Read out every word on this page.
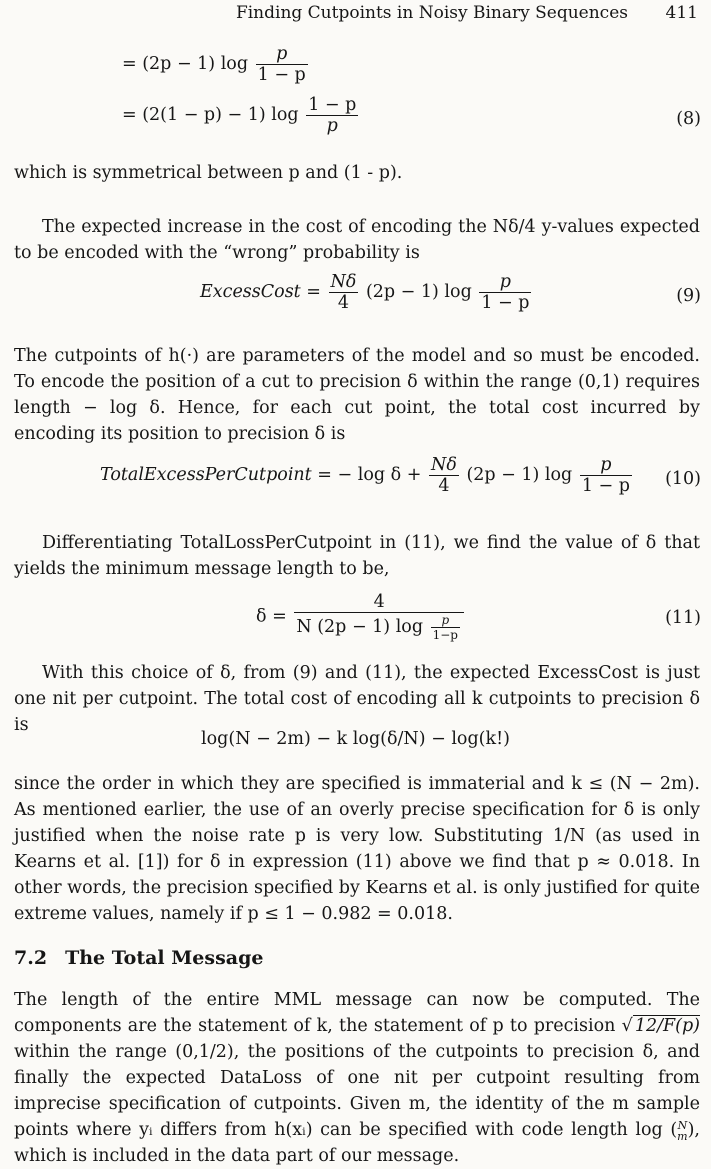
Finding Cutpoints in Noisy Binary Sequences 411
= (2p − 1) $\log \frac{p}{1 - p}$
= (2(1 − p) − 1) $\log \frac{1 - p}{p}$	(8)
which is symmetrical between p and (1 - p).
The expected increase in the cost of encoding the Nδ/4 y-values expected to be encoded with the “wrong” probability is
ExcessCost = $\frac{N\delta}{4} (2p - 1)$ $\log \frac{p}{1 - p}$	(9)
The cutpoints of h(·) are parameters of the model and so must be encoded. To encode the position of a cut to precision δ within the range (0,1) requires length − log δ. Hence, for each cut point, the total cost incurred by encoding its position to precision δ is
TotalExcessPerCutpoint = − $\log \delta + \frac{N\delta}{4} (2p - 1)$ $\log \frac{p}{1 - p} (10)$
Differentiating TotalLossPerCutpoint in (11), we find the value of δ that yields the minimum message length to be,
$\delta = \frac{4}{N (2p - 1) \log \frac{p}{1-p}}$	(11)
With this choice of δ, from (9) and (11), the expected ExcessCost is just one nit per cutpoint. The total cost of encoding all k cutpoints to precision δ is
log(N − 2m) − k log(δ/N) − log(k!)
since the order in which they are specified is immaterial and k ≤ (N − 2m). As mentioned earlier, the use of an overly precise specification for δ is only justified when the noise rate p is very low. Substituting 1/N (as used in Kearns et al. [1]) for δ in expression (11) above we find that p ≈ 0.018. In other words, the precision specified by Kearns et al. is only justified for quite extreme values, namely if p ≤ 1 − 0.982 = 0.018.
7.2 The Total Message
The length of the entire MML message can now be computed. The components are the statement of k, the statement of p to precision √ 12/F(p) within the range (0,1/2), the positions of the cutpoints to precision δ, and finally the expected DataLoss of one nit per cutpoint resulting from imprecise specification of cutpoints. Given m, the identity of the m sample points where yᵢ differs from h(xᵢ) can be specified with code length log ( N
m ), which is included in the data part of our message.
